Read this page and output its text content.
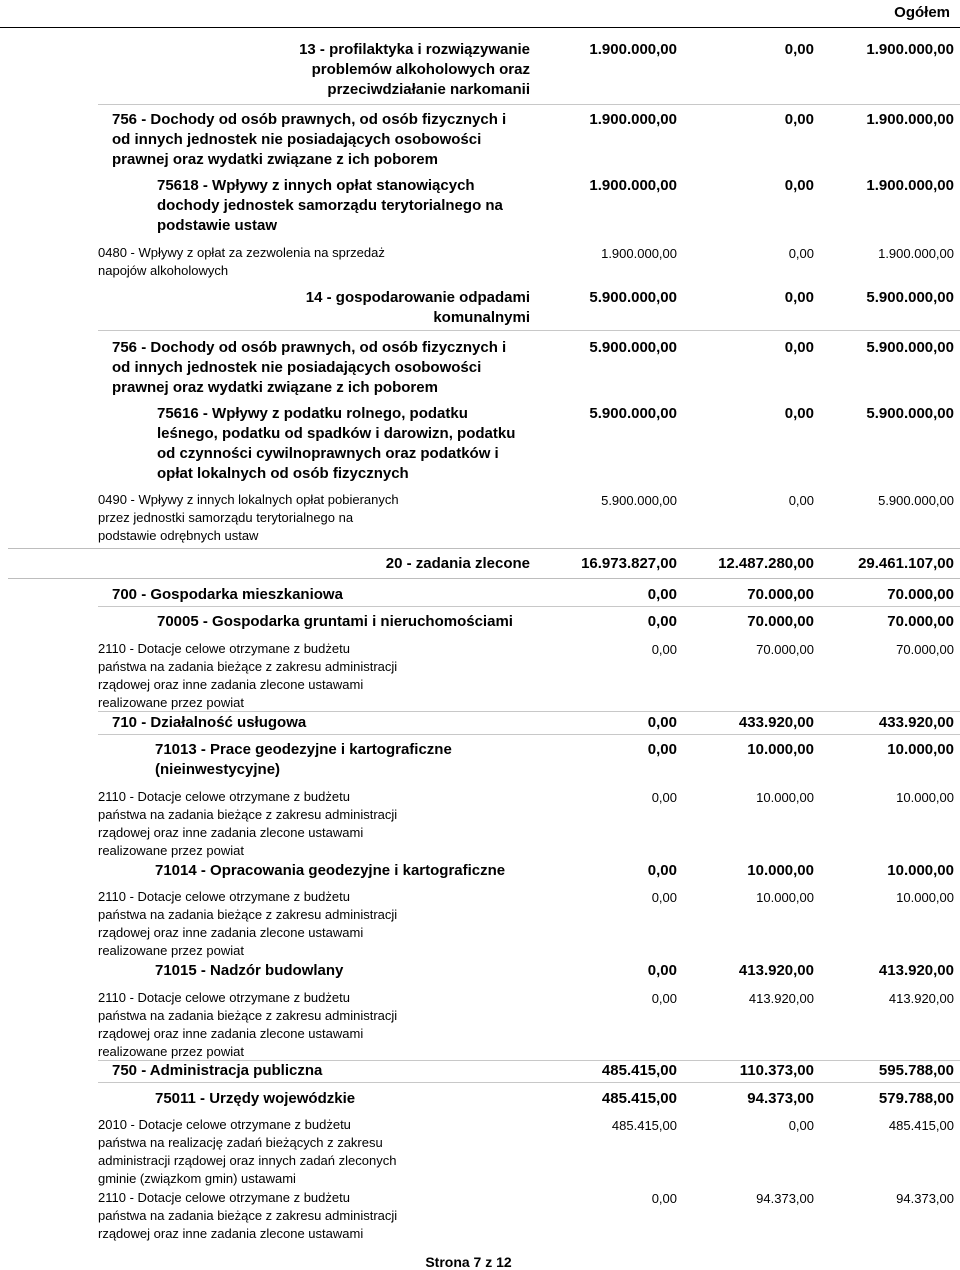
Ogółem
13 - profilaktyka i rozwiązywanie
problemów alkoholowych oraz
przeciwdziałanie narkomanii
1.900.000,00	0,00	1.900.000,00
756 - Dochody od osób prawnych, od osób fizycznych i
od innych jednostek nie posiadających osobowości
prawnej oraz wydatki związane z ich poborem
1.900.000,00	0,00	1.900.000,00
75618 - Wpływy z innych opłat stanowiących
dochody jednostek samorządu terytorialnego na
podstawie ustaw
1.900.000,00	0,00	1.900.000,00
0480 - Wpływy z opłat za zezwolenia na sprzedaż
napojów alkoholowych
1.900.000,00	0,00	1.900.000,00
14 - gospodarowanie odpadami
komunalnymi
5.900.000,00	0,00	5.900.000,00
756 - Dochody od osób prawnych, od osób fizycznych i
od innych jednostek nie posiadających osobowości
prawnej oraz wydatki związane z ich poborem
5.900.000,00	0,00	5.900.000,00
75616 - Wpływy z podatku rolnego, podatku
leśnego, podatku od spadków i darowizn, podatku
od czynności cywilnoprawnych oraz podatków i
opłat lokalnych od osób fizycznych
5.900.000,00	0,00	5.900.000,00
0490 - Wpływy z innych lokalnych opłat pobieranych
przez jednostki samorządu terytorialnego na
podstawie odrębnych ustaw
5.900.000,00	0,00	5.900.000,00
20 - zadania zlecone	16.973.827,00	12.487.280,00	29.461.107,00
700 - Gospodarka mieszkaniowa	0,00	70.000,00	70.000,00
70005 - Gospodarka gruntami i nieruchomościami	0,00	70.000,00	70.000,00
2110 - Dotacje celowe otrzymane z budżetu
państwa na zadania bieżące z zakresu administracji
rządowej oraz inne zadania zlecone ustawami
realizowane przez powiat
0,00	70.000,00	70.000,00
710 - Działalność usługowa	0,00	433.920,00	433.920,00
71013 - Prace geodezyjne i kartograficzne
(nieinwestycyjne)
0,00	10.000,00	10.000,00
2110 - Dotacje celowe otrzymane z budżetu
państwa na zadania bieżące z zakresu administracji
rządowej oraz inne zadania zlecone ustawami
realizowane przez powiat
0,00	10.000,00	10.000,00
71014 - Opracowania geodezyjne i kartograficzne	0,00	10.000,00	10.000,00
2110 - Dotacje celowe otrzymane z budżetu
państwa na zadania bieżące z zakresu administracji
rządowej oraz inne zadania zlecone ustawami
realizowane przez powiat
0,00	10.000,00	10.000,00
71015 - Nadzór budowlany	0,00	413.920,00	413.920,00
2110 - Dotacje celowe otrzymane z budżetu
państwa na zadania bieżące z zakresu administracji
rządowej oraz inne zadania zlecone ustawami
realizowane przez powiat
0,00	413.920,00	413.920,00
750 - Administracja publiczna	485.415,00	110.373,00	595.788,00
75011 - Urzędy wojewódzkie	485.415,00	94.373,00	579.788,00
2010 - Dotacje celowe otrzymane z budżetu
państwa na realizację zadań bieżących z zakresu
administracji rządowej oraz innych zadań zleconych
gminie (związkom gmin) ustawami
485.415,00	0,00	485.415,00
2110 - Dotacje celowe otrzymane z budżetu
państwa na zadania bieżące z zakresu administracji
rządowej oraz inne zadania zlecone ustawami
0,00	94.373,00	94.373,00
Strona 7 z 12
